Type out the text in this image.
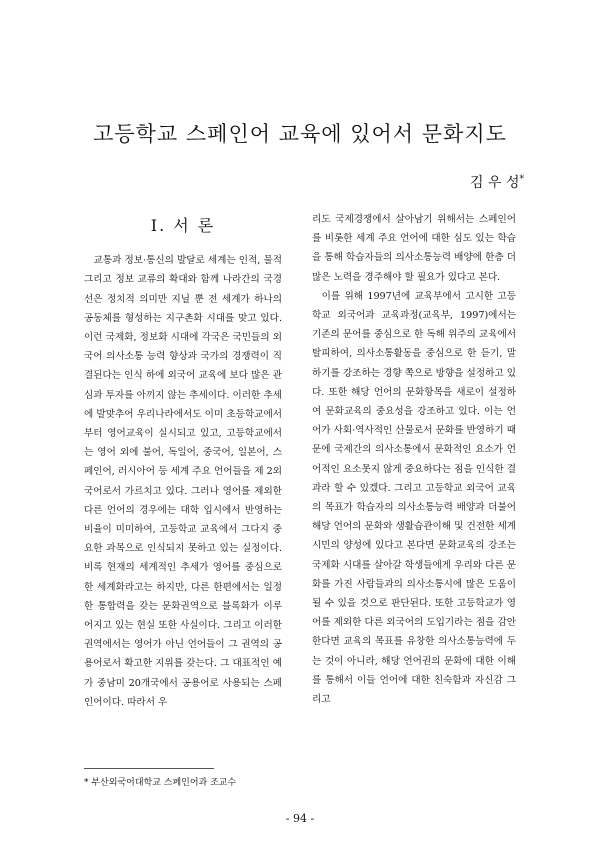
고등학교 스페인어 교육에 있어서 문화지도
김 우 성*
I. 서 론

교통과 정보·통신의 발달로 세계는 인적, 물적 그리고 정보 교류의 확대와 함께 나라간의 국경선은 정치적 의미만 지닐 뿐 전 세계가 하나의 공동체를 형성하는 지구촌화 시대를 맞고 있다. 이런 국제화, 정보화 시대에 각국은 국민들의 외국어 의사소통 능력 향상과 국가의 경쟁력이 직결된다는 인식 하에 외국어 교육에 보다 많은 관심과 투자를 아끼지 않는 추세이다. 이러한 추세에 발맞추어 우리나라에서도 이미 초등학교에서부터 영어교육이 실시되고 있고, 고등학교에서는 영어 외에 불어, 독일어, 중국어, 일본어, 스페인어, 러시아어 등 세계 주요 언어들을 제 2외국어로서 가르치고 있다. 그러나 영어를 제외한 다른 언어의 경우에는 대학 입시에서 반영하는 비율이 미미하여, 고등학교 교육에서 그다지 중요한 과목으로 인식되지 못하고 있는 실정이다. 비록 현재의 세계적인 추세가 영어를 중심으로 한 세계화라고는 하지만, 다른 한편에서는 일정한 통합력을 갖는 문화권역으로 블록화가 이루어지고 있는 현실 또한 사실이다. 그리고 이러한 권역에서는 영어가 아닌 언어들이 그 권역의 공용어로서 확고한 지위를 갖는다. 그 대표적인 예가 중남미 20개국에서 공용어로 사용되는 스페인어이다. 따라서 우

리도 국제경쟁에서 살아남기 위해서는 스페인어를 비롯한 세계 주요 언어에 대한 심도 있는 학습을 통해 학습자들의 의사소통능력 배양에 한층 더 많은 노력을 경주해야 할 필요가 있다고 본다.

이를 위해 1997년에 교육부에서 고시한 고등학교 외국어과 교육과정(교육부, 1997)에서는 기존의 문어를 중심으로 한 독해 위주의 교육에서 탈피하여, 의사소통활동을 중심으로 한 듣기, 말하기를 강조하는 경향 쪽으로 방향을 설정하고 있다. 또한 해당 언어의 문화항목을 새로이 설정하여 문화교육의 중요성을 강조하고 있다. 이는 언어가 사회·역사적인 산물로서 문화를 반영하기 때문에 국제간의 의사소통에서 문화적인 요소가 언어적인 요소못지 않게 중요하다는 점을 인식한 결과라 할 수 있겠다. 그리고 고등학교 외국어 교육의 목표가 학습자의 의사소통능력 배양과 더불어 해당 언어의 문화와 생활습관이해 및 건전한 세계시민의 양성에 있다고 본다면 문화교육의 강조는 국제화 시대를 살아갈 학생들에게 우리와 다른 문화를 가진 사람들과의 의사소통시에 많은 도움이 될 수 있을 것으로 판단된다. 또한 고등학교가 영어를 제외한 다른 외국어의 도입기라는 점을 감안한다면 교육의 목표를 유창한 의사소통능력에 두는 것이 아니라, 해당 언어권의 문화에 대한 이해를 통해서 이들 언어에 대한 친숙함과 자신감 그리고

* 부산외국어대학교 스페인어과 조교수
- 94 -
